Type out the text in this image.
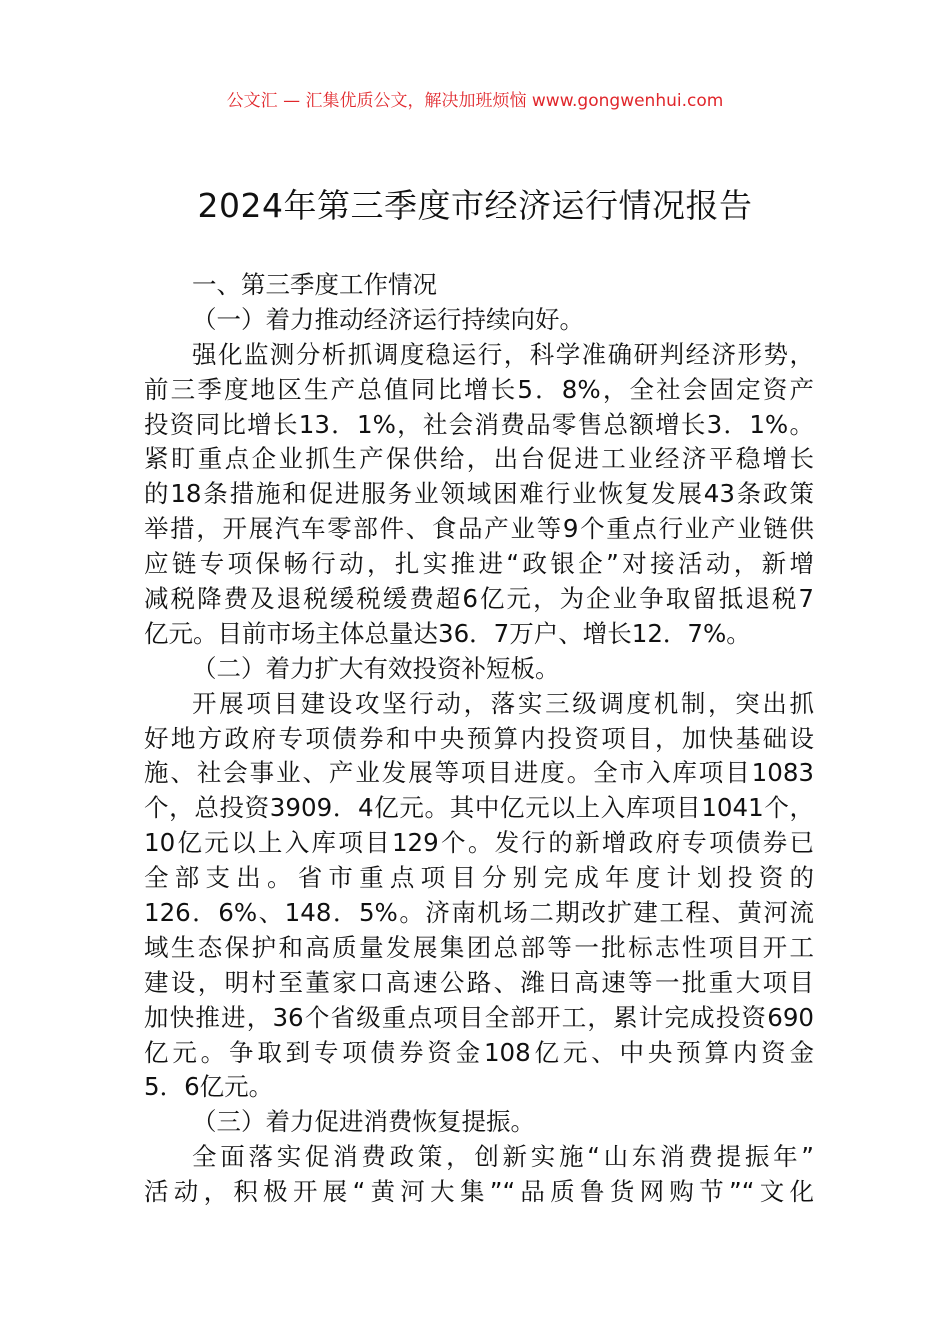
公文汇 — 汇集优质公文，解决加班烦恼 www.gongwenhui.com
2024年第三季度市经济运行情况报告
一、第三季度工作情况
（一）着力推动经济运行持续向好。
强化监测分析抓调度稳运行，科学准确研判经济形势，
前三季度地区生产总值同比增长5．8%，全社会固定资产
投资同比增长13．1%，社会消费品零售总额增长3．1%。
紧盯重点企业抓生产保供给，出台促进工业经济平稳增长
的18条措施和促进服务业领域困难行业恢复发展43条政策
举措，开展汽车零部件、食品产业等9个重点行业产业链供
应链专项保畅行动，扎实推进“政银企”对接活动，新增
减税降费及退税缓税缓费超6亿元，为企业争取留抵退税7
亿元。目前市场主体总量达36．7万户、增长12．7%。
（二）着力扩大有效投资补短板。
开展项目建设攻坚行动，落实三级调度机制，突出抓
好地方政府专项债券和中央预算内投资项目，加快基础设
施、社会事业、产业发展等项目进度。全市入库项目1083
个，总投资3909．4亿元。其中亿元以上入库项目1041个，
10亿元以上入库项目129个。发行的新增政府专项债券已
全部支出。省市重点项目分别完成年度计划投资的
126．6%、148．5%。济南机场二期改扩建工程、黄河流
域生态保护和高质量发展集团总部等一批标志性项目开工
建设，明村至董家口高速公路、潍日高速等一批重大项目
加快推进，36个省级重点项目全部开工，累计完成投资690
亿元。争取到专项债券资金108亿元、中央预算内资金
5．6亿元。
（三）着力促进消费恢复提振。
全面落实促消费政策，创新实施“山东消费提振年”
活动，积极开展“黄河大集”“品质鲁货网购节”“文化
